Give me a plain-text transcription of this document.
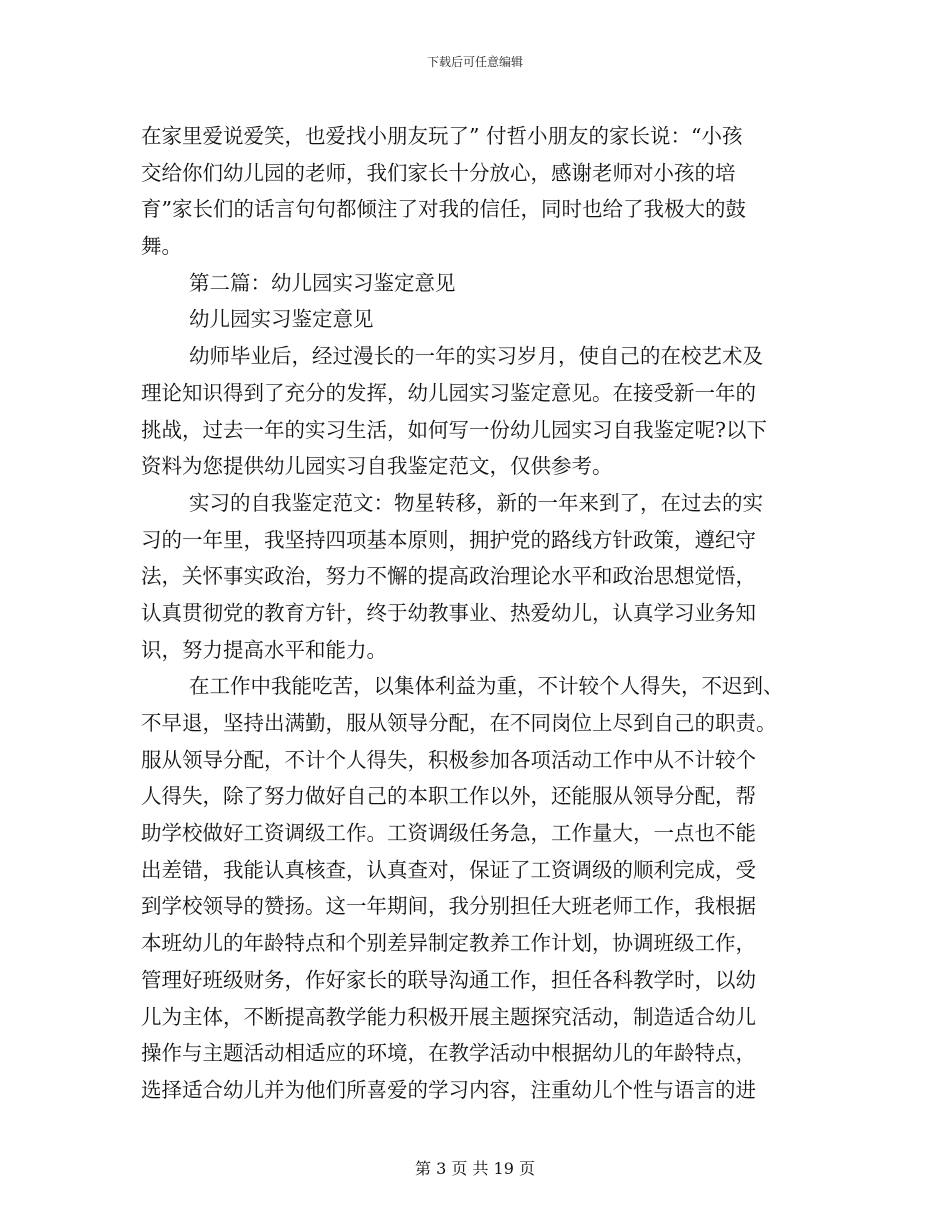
下载后可任意编辑
在家里爱说爱笑，也爱找小朋友玩了” 付哲小朋友的家长说：“小孩
交给你们幼儿园的老师，我们家长十分放心，感谢老师对小孩的培
育”家长们的话言句句都倾注了对我的信任，同时也给了我极大的鼓
舞。
第二篇：幼儿园实习鉴定意见
幼儿园实习鉴定意见
幼师毕业后，经过漫长的一年的实习岁月，使自己的在校艺术及
理论知识得到了充分的发挥，幼儿园实习鉴定意见。在接受新一年的
挑战，过去一年的实习生活，如何写一份幼儿园实习自我鉴定呢?以下
资料为您提供幼儿园实习自我鉴定范文，仅供参考。
实习的自我鉴定范文：物星转移，新的一年来到了，在过去的实
习的一年里，我坚持四项基本原则，拥护党的路线方针政策，遵纪守
法，关怀事实政治，努力不懈的提高政治理论水平和政治思想觉悟，
认真贯彻党的教育方针，终于幼教事业、热爱幼儿，认真学习业务知
识，努力提高水平和能力。
在工作中我能吃苦，以集体利益为重，不计较个人得失，不迟到、
不早退，坚持出满勤，服从领导分配，在不同岗位上尽到自己的职责。
服从领导分配，不计个人得失，积极参加各项活动工作中从不计较个
人得失，除了努力做好自己的本职工作以外，还能服从领导分配，帮
助学校做好工资调级工作。工资调级任务急，工作量大，一点也不能
出差错，我能认真核查，认真查对，保证了工资调级的顺利完成，受
到学校领导的赞扬。这一年期间，我分别担任大班老师工作，我根据
本班幼儿的年龄特点和个别差异制定教养工作计划，协调班级工作，
管理好班级财务，作好家长的联导沟通工作，担任各科教学时，以幼
儿为主体，不断提高教学能力积极开展主题探究活动，制造适合幼儿
操作与主题活动相适应的环境，在教学活动中根据幼儿的年龄特点，
选择适合幼儿并为他们所喜爱的学习内容，注重幼儿个性与语言的进
第 3 页 共 19 页
